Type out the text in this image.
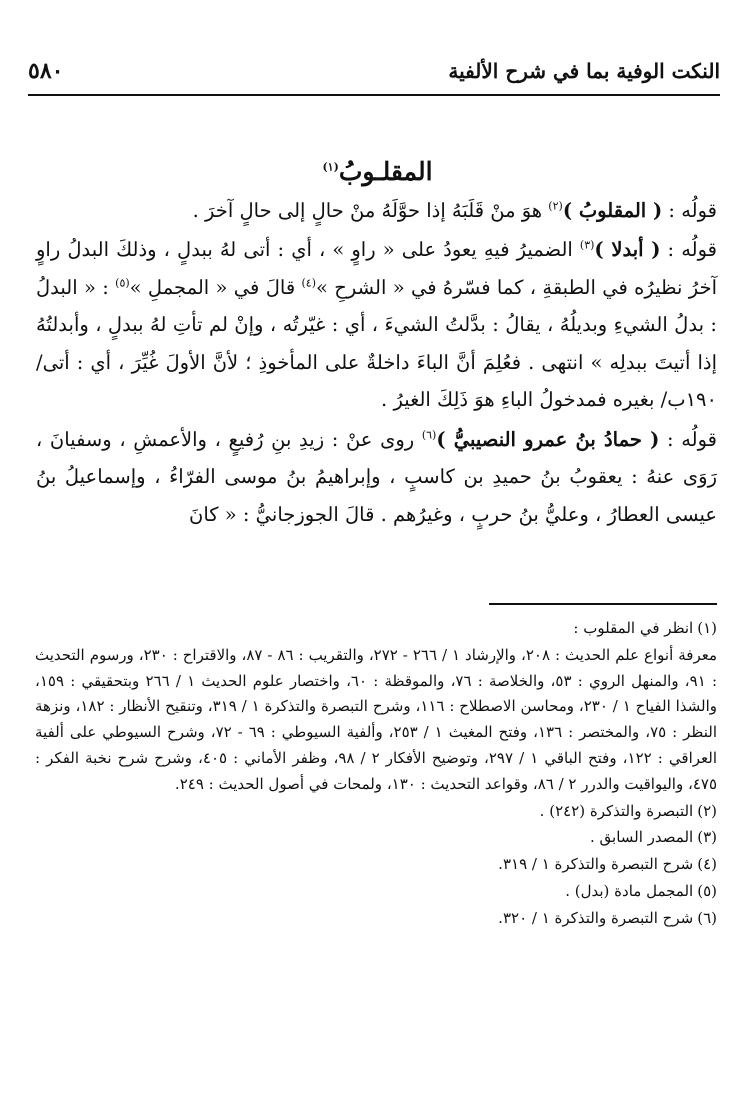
النكت الوفية بما في شرح الألفية
٥٨٠
المقلـوبُ$^{(١)}$

قولُه : ( المقلوبُ )$^{(٢)}$ هوَ منْ قَلَبَهُ إذا حوَّلَهُ منْ حالٍ إلى حالٍ آخرَ .

قولُه : ( أبدلا )$^{(٣)}$ الضميرُ فيهِ يعودُ على « راوٍ » ، أي : أتى لهُ ببدلٍ ، وذلكَ البدلُ راوٍ آخرُ نظيرُه في الطبقةِ ، كما فسّرهُ في « الشرحِ »$^{(٤)}$ قالَ في « المجملِ »$^{(٥)}$ : « البدلُ : بدلُ الشيءِ وبديلُهُ ، يقالُ : بدَّلتُ الشيءَ ، أي : غيّرتُه ، وإنْ لم تأتِ لهُ ببدلٍ ، وأبدلتُهُ إذا أتيتَ ببدلِه » انتهى . فعُلِمَ أنَّ الباءَ داخلةٌ على المأخوذِ ؛ لأنَّ الأولَ غُيِّرَ ، أي : أتى/١٩٠ب/ بغيره فمدخولُ الباءِ هوَ ذَلِكَ الغيرُ .

قولُه : ( حمادُ بنُ عمرو النصيبيُّ )$^{(٦)}$ روى عنْ : زيدِ بنِ رُفيعٍ ، والأعمشِ ، وسفيانَ ، رَوَى عنهُ : يعقوبُ بنُ حميدِ بن كاسبٍ ، وإبراهيمُ بنُ موسى الفرّاءُ ، وإسماعيلُ بنُ عيسى العطارُ ، وعليُّ بنُ حربٍ ، وغيرُهم . قالَ الجوزجانيُّ : « كانَ

(١)انظر في المقلوب :
معرفة أنواع علم الحديث : ٢٠٨، والإرشاد ١ / ٢٦٦ - ٢٧٢، والتقريب : ٨٦ - ٨٧، والاقتراح : ٢٣٠، ورسوم التحديث : ٩١، والمنهل الروي : ٥٣، والخلاصة : ٧٦، والموقظة : ٦٠، واختصار علوم الحديث ١ / ٢٦٦ وبتحقيقي : ١٥٩، والشذا الفياح ١ / ٢٣٠، ومحاسن الاصطلاح : ١١٦، وشرح التبصرة والتذكرة ١ / ٣١٩، وتنقيح الأنظار : ١٨٢، ونزهة النظر : ٧٥، والمختصر : ١٣٦، وفتح المغيث ١ / ٢٥٣، وألفية السيوطي : ٦٩ - ٧٢، وشرح السيوطي على ألفية العراقي : ١٢٢، وفتح الباقي ١ / ٢٩٧، وتوضيح الأفكار ٢ / ٩٨، وظفر الأماني : ٤٠٥، وشرح شرح نخبة الفكر : ٤٧٥، واليواقيت والدرر ٢ / ٨٦، وقواعد التحديث : ١٣٠، ولمحات في أصول الحديث : ٢٤٩.
(٢)التبصرة والتذكرة (٢٤٢) .
(٣)المصدر السابق .
(٤)شرح التبصرة والتذكرة ١ / ٣١٩.
(٥)المجمل مادة (بدل) .
(٦)شرح التبصرة والتذكرة ١ / ٣٢٠.
